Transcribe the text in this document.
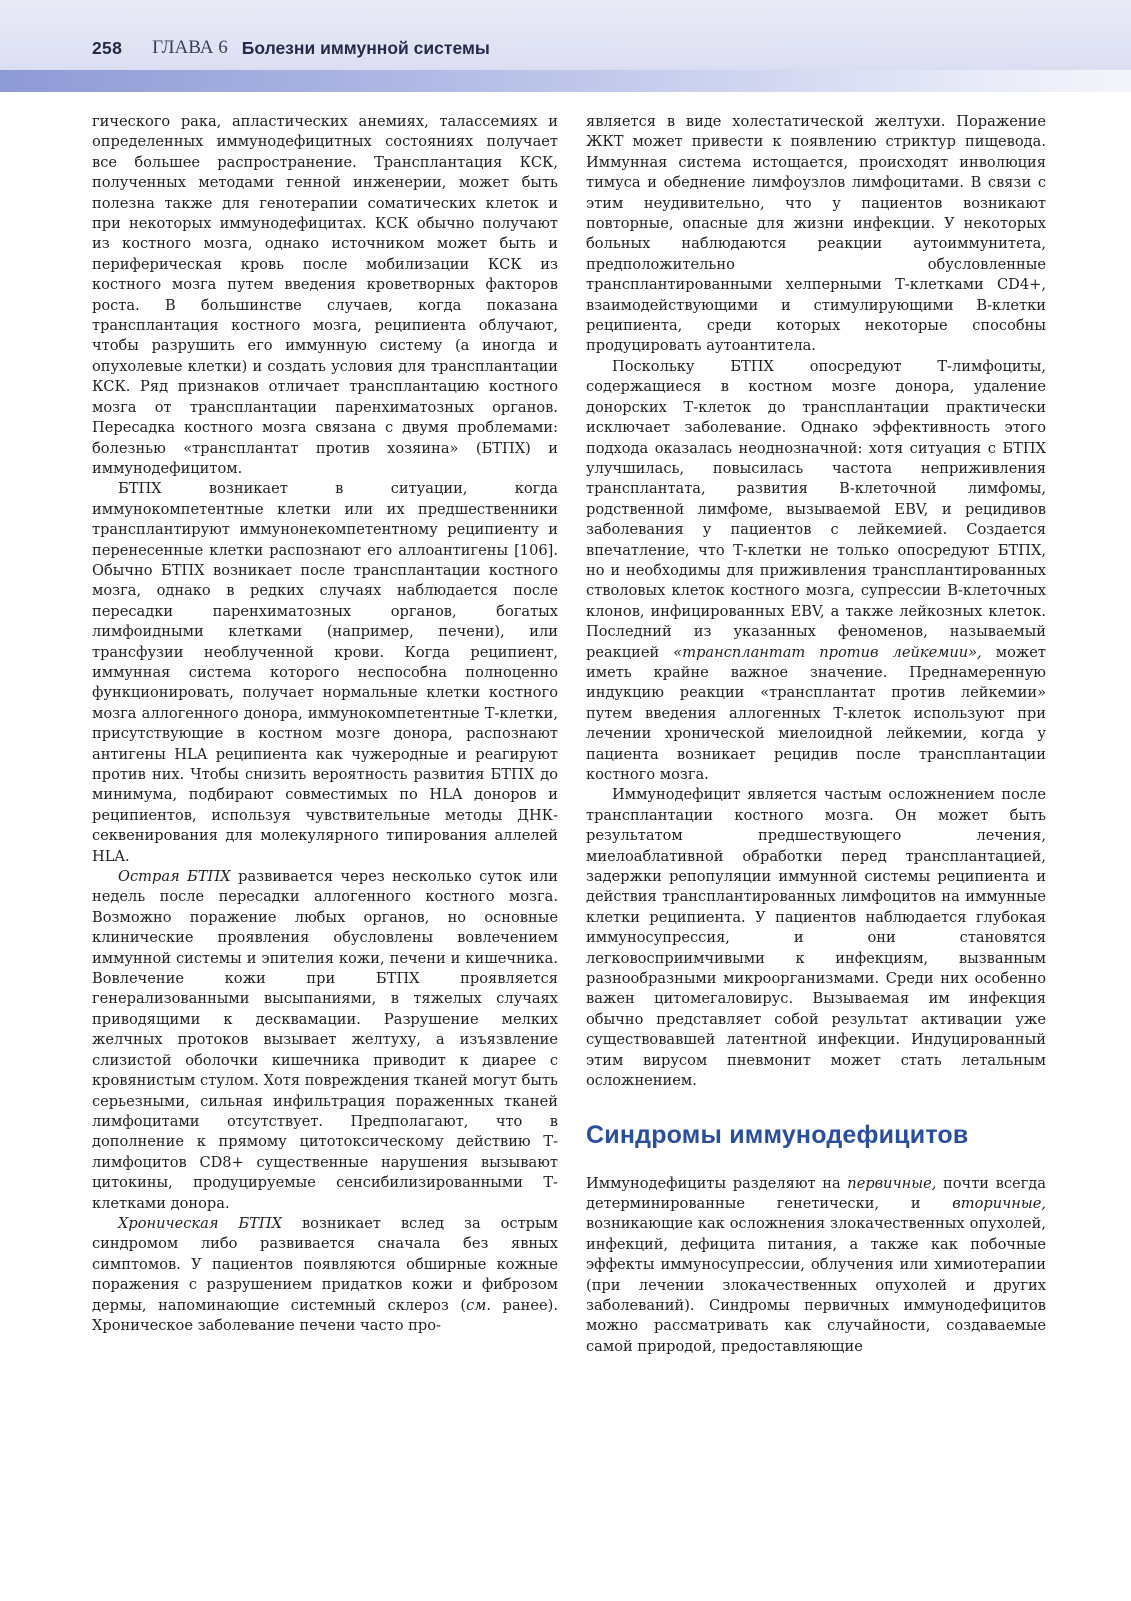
258 ГЛАВА 6 Болезни иммунной системы

гического рака, апластических анемиях, талассемиях и определенных иммунодефицитных состояниях получает все большее распространение. Трансплантация КСК, полученных методами генной инженерии, может быть полезна также для генотерапии соматических клеток и при некоторых иммунодефицитах. КСК обычно получают из костного мозга, однако источником может быть и периферическая кровь после мобилизации КСК из костного мозга путем введения кроветворных факторов роста. В большинстве случаев, когда показана трансплантация костного мозга, реципиента облучают, чтобы разрушить его иммунную систему (а иногда и опухолевые клетки) и создать условия для трансплантации КСК. Ряд признаков отличает трансплантацию костного мозга от трансплантации паренхиматозных органов. Пересадка костного мозга связана с двумя проблемами: болезнью «трансплантат против хозяина» (БТПХ) и иммунодефицитом.

БТПХ возникает в ситуации, когда иммунокомпетентные клетки или их предшественники трансплантируют иммунонекомпетентному реципиенту и перенесенные клетки распознают его аллоантигены [106]. Обычно БТПХ возникает после трансплантации костного мозга, однако в редких случаях наблюдается после пересадки паренхиматозных органов, богатых лимфоидными клетками (например, печени), или трансфузии необлученной крови. Когда реципиент, иммунная система которого неспособна полноценно функционировать, получает нормальные клетки костного мозга аллогенного донора, иммунокомпетентные Т-клетки, присутствующие в костном мозге донора, распознают антигены HLA реципиента как чужеродные и реагируют против них. Чтобы снизить вероятность развития БТПХ до минимума, подбирают совместимых по HLA доноров и реципиентов, используя чувствительные методы ДНК-секвенирования для молекулярного типирования аллелей HLA.

Острая БТПХ развивается через несколько суток или недель после пересадки аллогенного костного мозга. Возможно поражение любых органов, но основные клинические проявления обусловлены вовлечением иммунной системы и эпителия кожи, печени и кишечника. Вовлечение кожи при БТПХ проявляется генерализованными высыпаниями, в тяжелых случаях приводящими к десквамации. Разрушение мелких желчных протоков вызывает желтуху, а изъязвление слизистой оболочки кишечника приводит к диарее с кровянистым стулом. Хотя повреждения тканей могут быть серьезными, сильная инфильтрация пораженных тканей лимфоцитами отсутствует. Предполагают, что в дополнение к прямому цитотоксическому действию Т-лимфоцитов CD8+ существенные нарушения вызывают цитокины, продуцируемые сенсибилизированными Т-клетками донора.

Хроническая БТПХ возникает вслед за острым синдромом либо развивается сначала без явных симптомов. У пациентов появляются обширные кожные поражения с разрушением придатков кожи и фиброзом дермы, напоминающие системный склероз (см. ранее). Хроническое заболевание печени часто про-

является в виде холестатической желтухи. Поражение ЖКТ может привести к появлению стриктур пищевода. Иммунная система истощается, происходят инволюция тимуса и обеднение лимфоузлов лимфоцитами. В связи с этим неудивительно, что у пациентов возникают повторные, опасные для жизни инфекции. У некоторых больных наблюдаются реакции аутоиммунитета, предположительно обусловленные трансплантированными хелперными Т-клетками CD4+, взаимодействующими и стимулирующими В-клетки реципиента, среди которых некоторые способны продуцировать аутоантитела.

Поскольку БТПХ опосредуют Т-лимфоциты, содержащиеся в костном мозге донора, удаление донорских Т-клеток до трансплантации практически исключает заболевание. Однако эффективность этого подхода оказалась неоднозначной: хотя ситуация с БТПХ улучшилась, повысилась частота неприживления трансплантата, развития В-клеточной лимфомы, родственной лимфоме, вызываемой EBV, и рецидивов заболевания у пациентов с лейкемией. Создается впечатление, что Т-клетки не только опосредуют БТПХ, но и необходимы для приживления трансплантированных стволовых клеток костного мозга, супрессии В-клеточных клонов, инфицированных EBV, а также лейкозных клеток. Последний из указанных феноменов, называемый реакцией «трансплантат против лейкемии», может иметь крайне важное значение. Преднамеренную индукцию реакции «трансплантат против лейкемии» путем введения аллогенных Т-клеток используют при лечении хронической миелоидной лейкемии, когда у пациента возникает рецидив после трансплантации костного мозга.

Иммунодефицит является частым осложнением после трансплантации костного мозга. Он может быть результатом предшествующего лечения, миелоаблативной обработки перед трансплантацией, задержки репопуляции иммунной системы реципиента и действия трансплантированных лимфоцитов на иммунные клетки реципиента. У пациентов наблюдается глубокая иммуносупрессия, и они становятся легковосприимчивыми к инфекциям, вызванным разнообразными микроорганизмами. Среди них особенно важен цитомегаловирус. Вызываемая им инфекция обычно представляет собой результат активации уже существовавшей латентной инфекции. Индуцированный этим вирусом пневмонит может стать летальным осложнением.

Синдромы иммунодефицитов

Иммунодефициты разделяют на первичные, почти всегда детерминированные генетически, и вторичные, возникающие как осложнения злокачественных опухолей, инфекций, дефицита питания, а также как побочные эффекты иммуносупрессии, облучения или химиотерапии (при лечении злокачественных опухолей и других заболеваний). Синдромы первичных иммунодефицитов можно рассматривать как случайности, создаваемые самой природой, предоставляющие
